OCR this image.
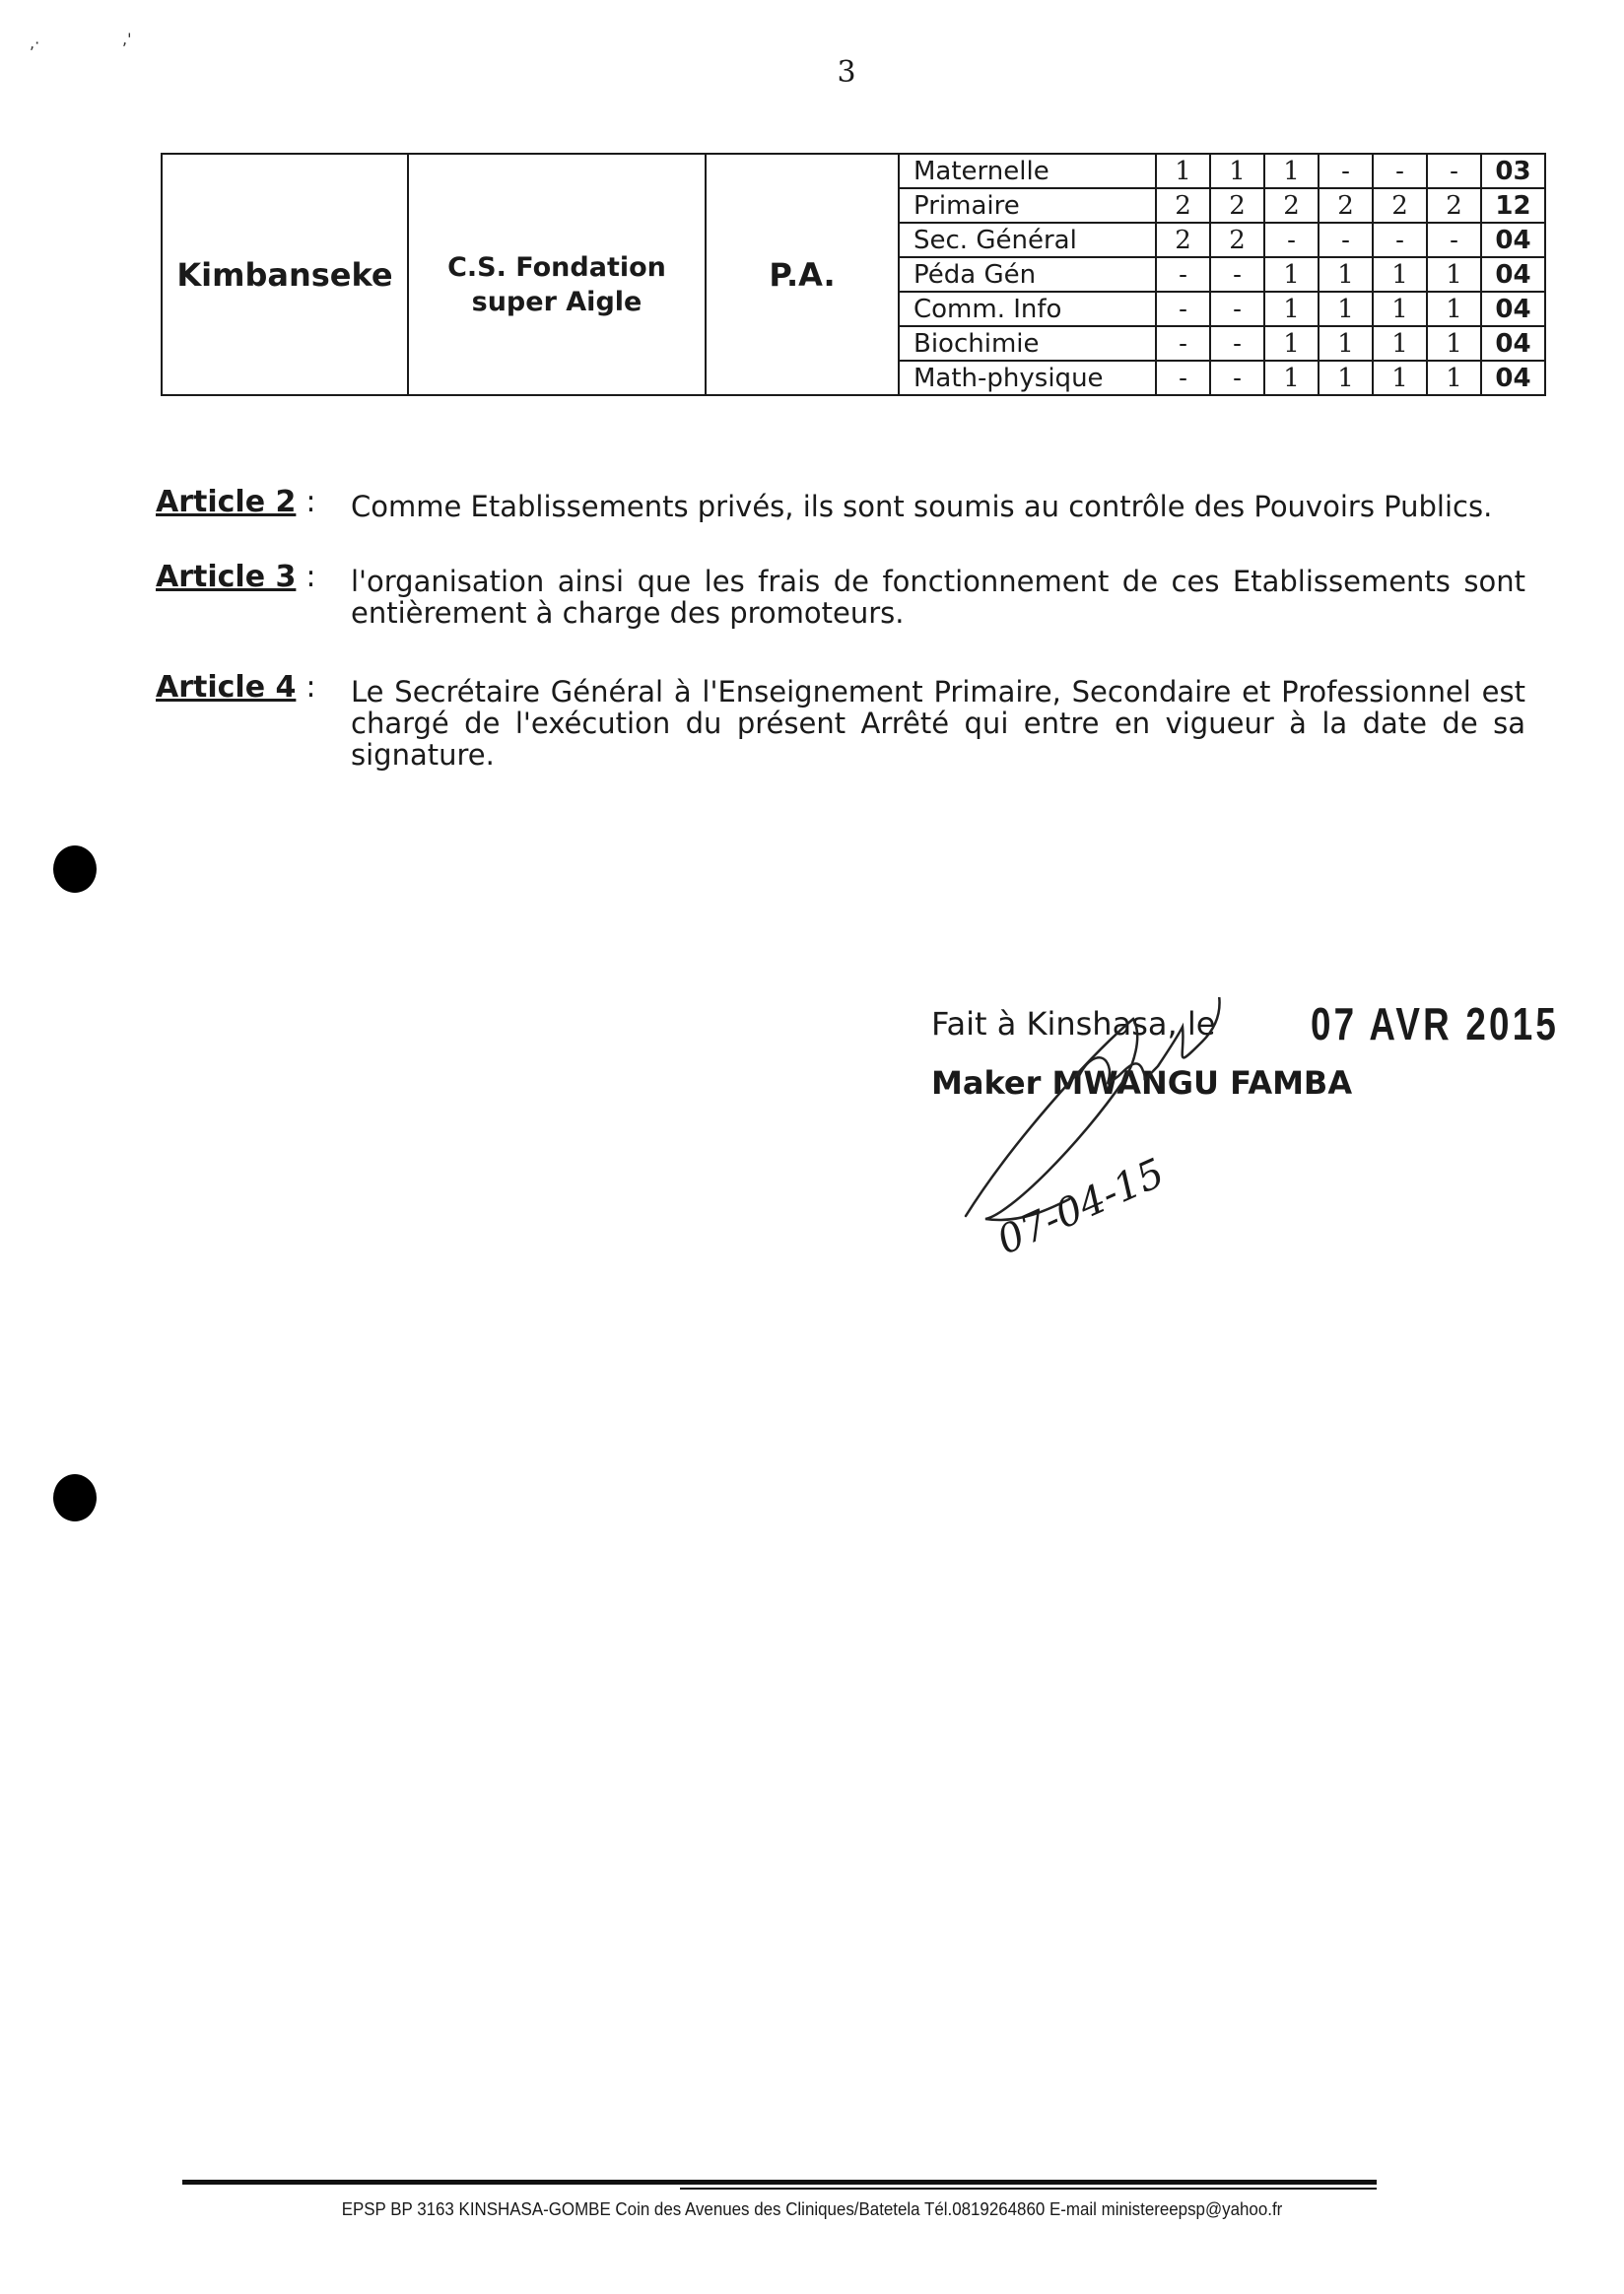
,·	,'
3
Kimbanseke	C.S. Fondation super Aigle	P.A.	Maternelle	1	1	1	-	-	-	03
			Primaire	2	2	2	2	2	2	12
			Sec. Général	2	2	-	-	-	-	04
			Péda Gén	-	-	1	1	1	1	04
			Comm. Info	-	-	1	1	1	1	04
			Biochimie	-	-	1	1	1	1	04
			Math-physique	-	-	1	1	1	1	04
Article 2 :	Comme Etablissements privés, ils sont soumis au contrôle des Pouvoirs Publics.
Article 3 :	l'organisation ainsi que les frais de fonctionnement de ces Etablissements sont entièrement à charge des promoteurs.
Article 4 :	Le Secrétaire Général à l'Enseignement Primaire, Secondaire et Professionnel est chargé de l'exécution du présent Arrêté qui entre en vigueur à la date de sa signature.
Fait à Kinshasa, le 07 AVR 2015
Maker MWANGU FAMBA
07-04-15
EPSP BP 3163 KINSHASA-GOMBE Coin des Avenues des Cliniques/Batetela Tél.0819264860 E-mail ministereepsp@yahoo.fr
